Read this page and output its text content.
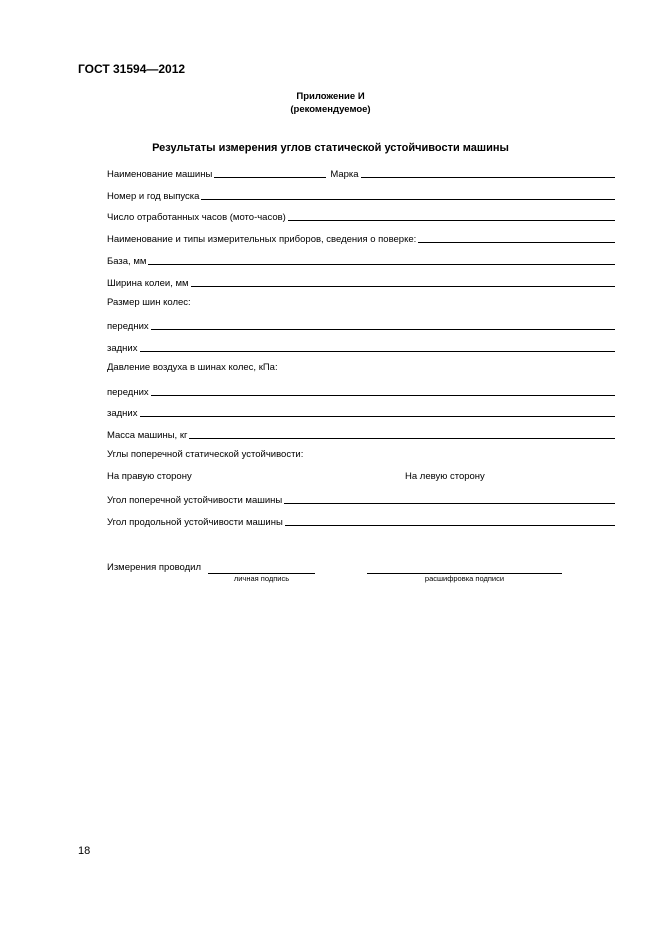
ГОСТ 31594—2012
Приложение И
(рекомендуемое)
Результаты измерения углов статической устойчивости машины
Наименование машины	Марка
Номер и год выпуска
Число отработанных часов (мото-часов)
Наименование и типы измерительных приборов, сведения о поверке:
База, мм
Ширина колеи, мм
Размер шин колес:
передних
задних
Давление воздуха в шинах колес, кПа:
передних
задних
Масса машины, кг
Углы поперечной статической устойчивости:
На правую сторону	На левую сторону
Угол поперечной устойчивости машины
Угол продольной устойчивости машины
Измерения проводил
личная подпись	расшифровка подписи
18
